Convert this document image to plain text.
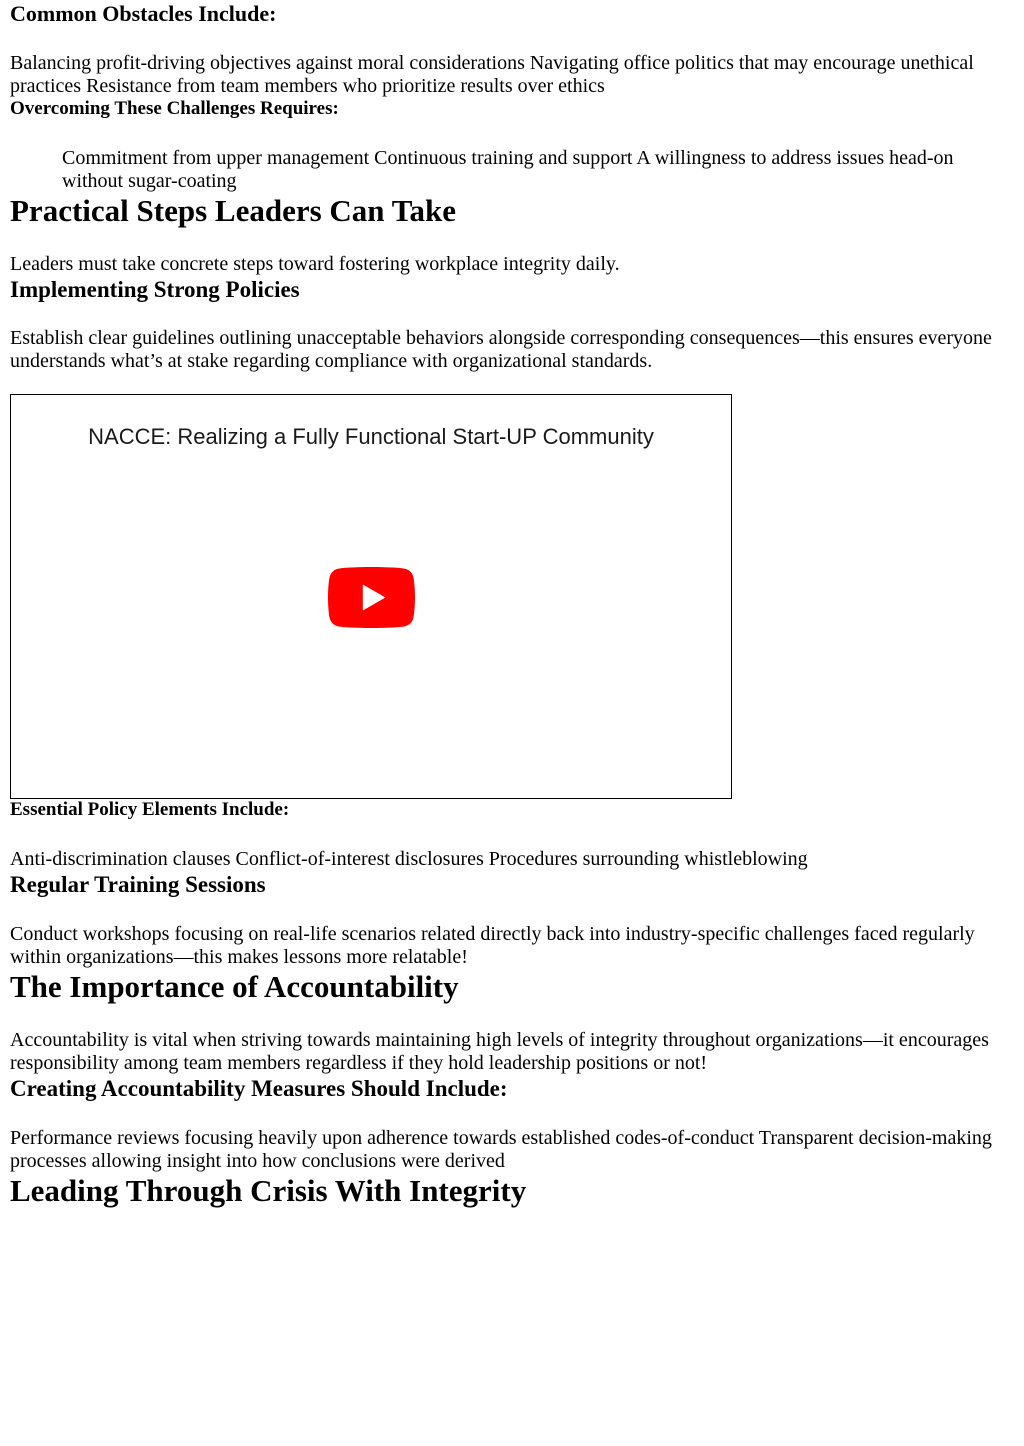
Common Obstacles Include:

Balancing profit-driving objectives against moral considerations Navigating office politics that may encourage unethical practices Resistance from team members who prioritize results over ethics

Overcoming These Challenges Requires:
Commitment from upper management Continuous training and support A willingness to address issues head-on without sugar-coating
Practical Steps Leaders Can Take

Leaders must take concrete steps toward fostering workplace integrity daily.

Implementing Strong Policies

Establish clear guidelines outlining unacceptable behaviors alongside corresponding consequences—this ensures everyone understands what’s at stake regarding compliance with organizational standards.

NACCE: Realizing a Fully Functional Start-UP Community
Essential Policy Elements Include:

Anti-discrimination clauses Conflict-of-interest disclosures Procedures surrounding whistleblowing

Regular Training Sessions

Conduct workshops focusing on real-life scenarios related directly back into industry-specific challenges faced regularly within organizations—this makes lessons more relatable!

The Importance of Accountability

Accountability is vital when striving towards maintaining high levels of integrity throughout organizations—it encourages responsibility among team members regardless if they hold leadership positions or not!

Creating Accountability Measures Should Include:

Performance reviews focusing heavily upon adherence towards established codes-of-conduct Transparent decision-making processes allowing insight into how conclusions were derived

Leading Through Crisis With Integrity
